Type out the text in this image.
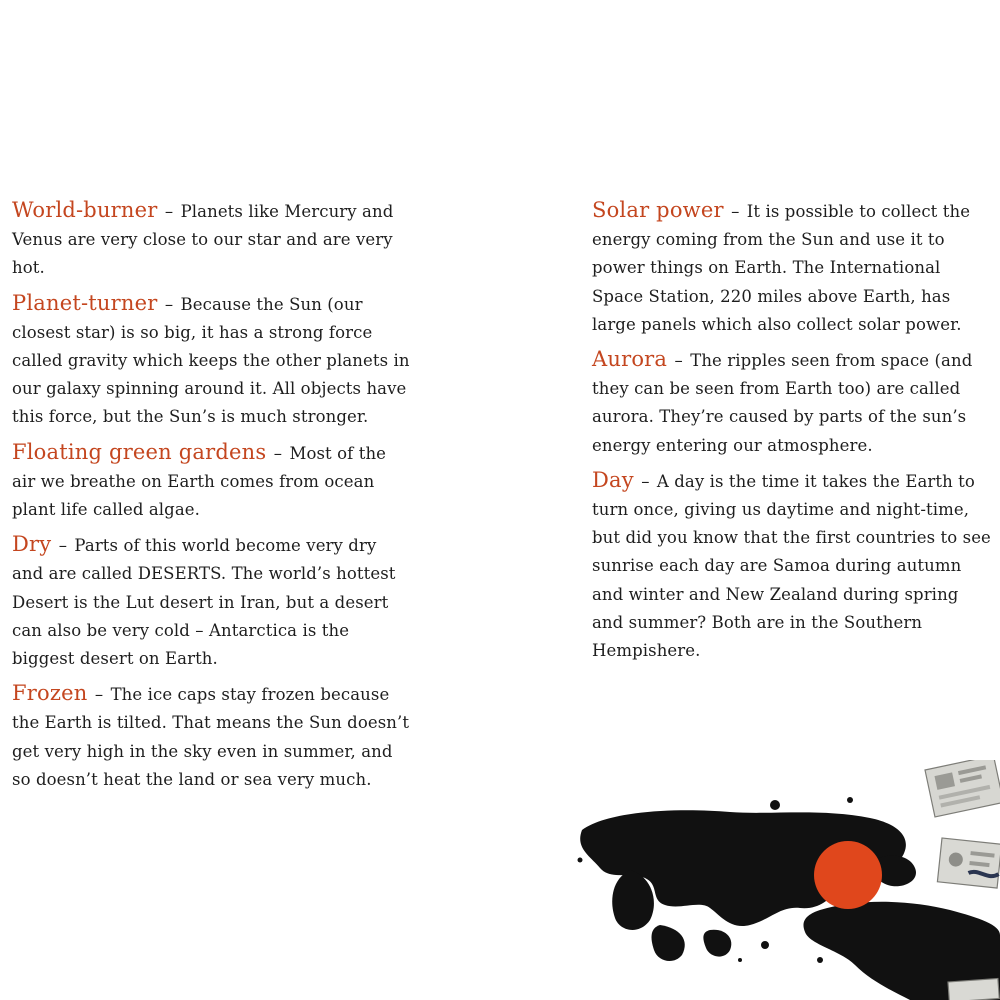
World-burner – Planets like Mercury and Venus are very close to our star and are very hot.

Planet-turner – Because the Sun (our closest star) is so big, it has a strong force called gravity which keeps the other planets in our galaxy spinning around it. All objects have this force, but the Sun’s is much stronger.

Floating green gardens – Most of the air we breathe on Earth comes from ocean plant life called algae.

Dry – Parts of this world become very dry and are called DESERTS. The world’s hottest Desert is the Lut desert in Iran, but a desert can also be very cold – Antarctica is the biggest desert on Earth.

Frozen – The ice caps stay frozen because the Earth is tilted. That means the Sun doesn’t get very high in the sky even in summer, and so doesn’t heat the land or sea very much.

Solar power – It is possible to collect the energy coming from the Sun and use it to power things on Earth. The International Space Station, 220 miles above Earth, has large panels which also collect solar power.

Aurora – The ripples seen from space (and they can be seen from Earth too) are called aurora. They’re caused by parts of the sun’s energy entering our atmosphere.

Day – A day is the time it takes the Earth to turn once, giving us daytime and night-time, but did you know that the first countries to see sunrise each day are Samoa during autumn and winter and New Zealand during spring and summer? Both are in the Southern Hempishere.
